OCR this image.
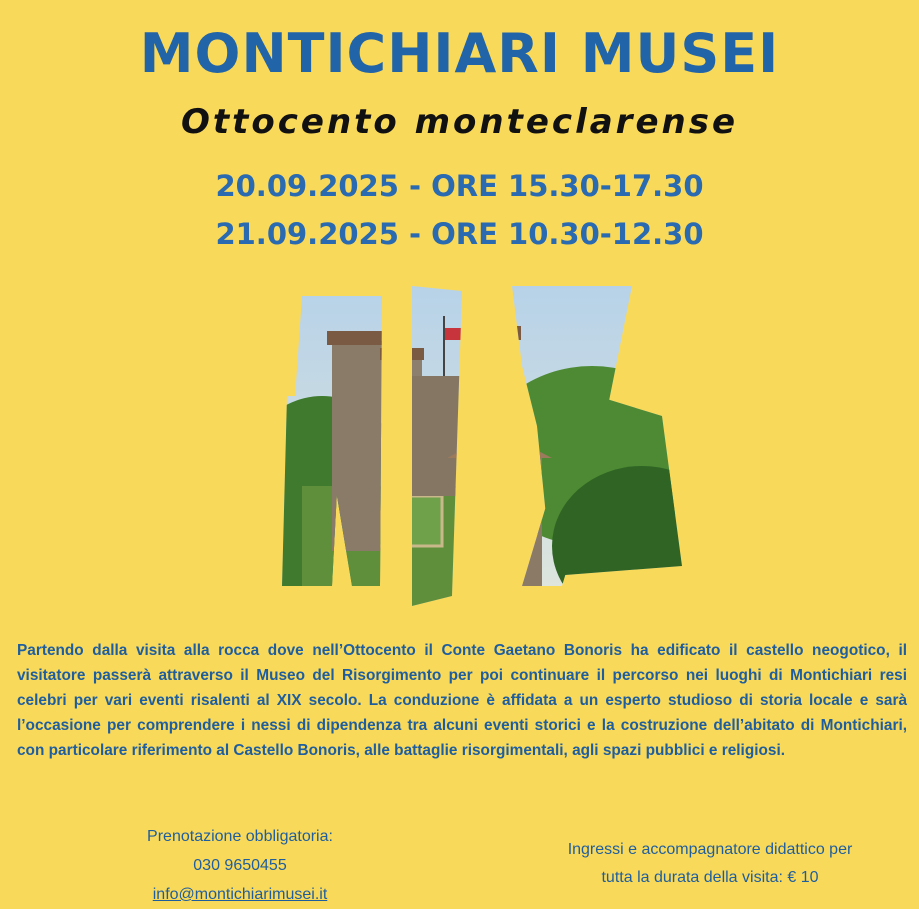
MONTICHIARI MUSEI
Ottocento monteclarense
20.09.2025 - ORE 15.30-17.30
21.09.2025 - ORE 10.30-12.30

Partendo dalla visita alla rocca dove nell’Ottocento il Conte Gaetano Bonoris ha edificato il castello neogotico, il visitatore passerà attraverso il Museo del Risorgimento per poi continuare il percorso nei luoghi di Montichiari resi celebri per vari eventi risalenti al XIX secolo. La conduzione è affidata a un esperto studioso di storia locale e sarà l’occasione per comprendere i nessi di dipendenza tra alcuni eventi storici e la costruzione dell’abitato di Montichiari, con particolare riferimento al Castello Bonoris, alle battaglie risorgimentali, agli spazi pubblici e religiosi.

Prenotazione obbligatoria:
030 9650455
info@montichiarimusei.it
Ingressi e accompagnatore didattico per
tutta la durata della visita: € 10
